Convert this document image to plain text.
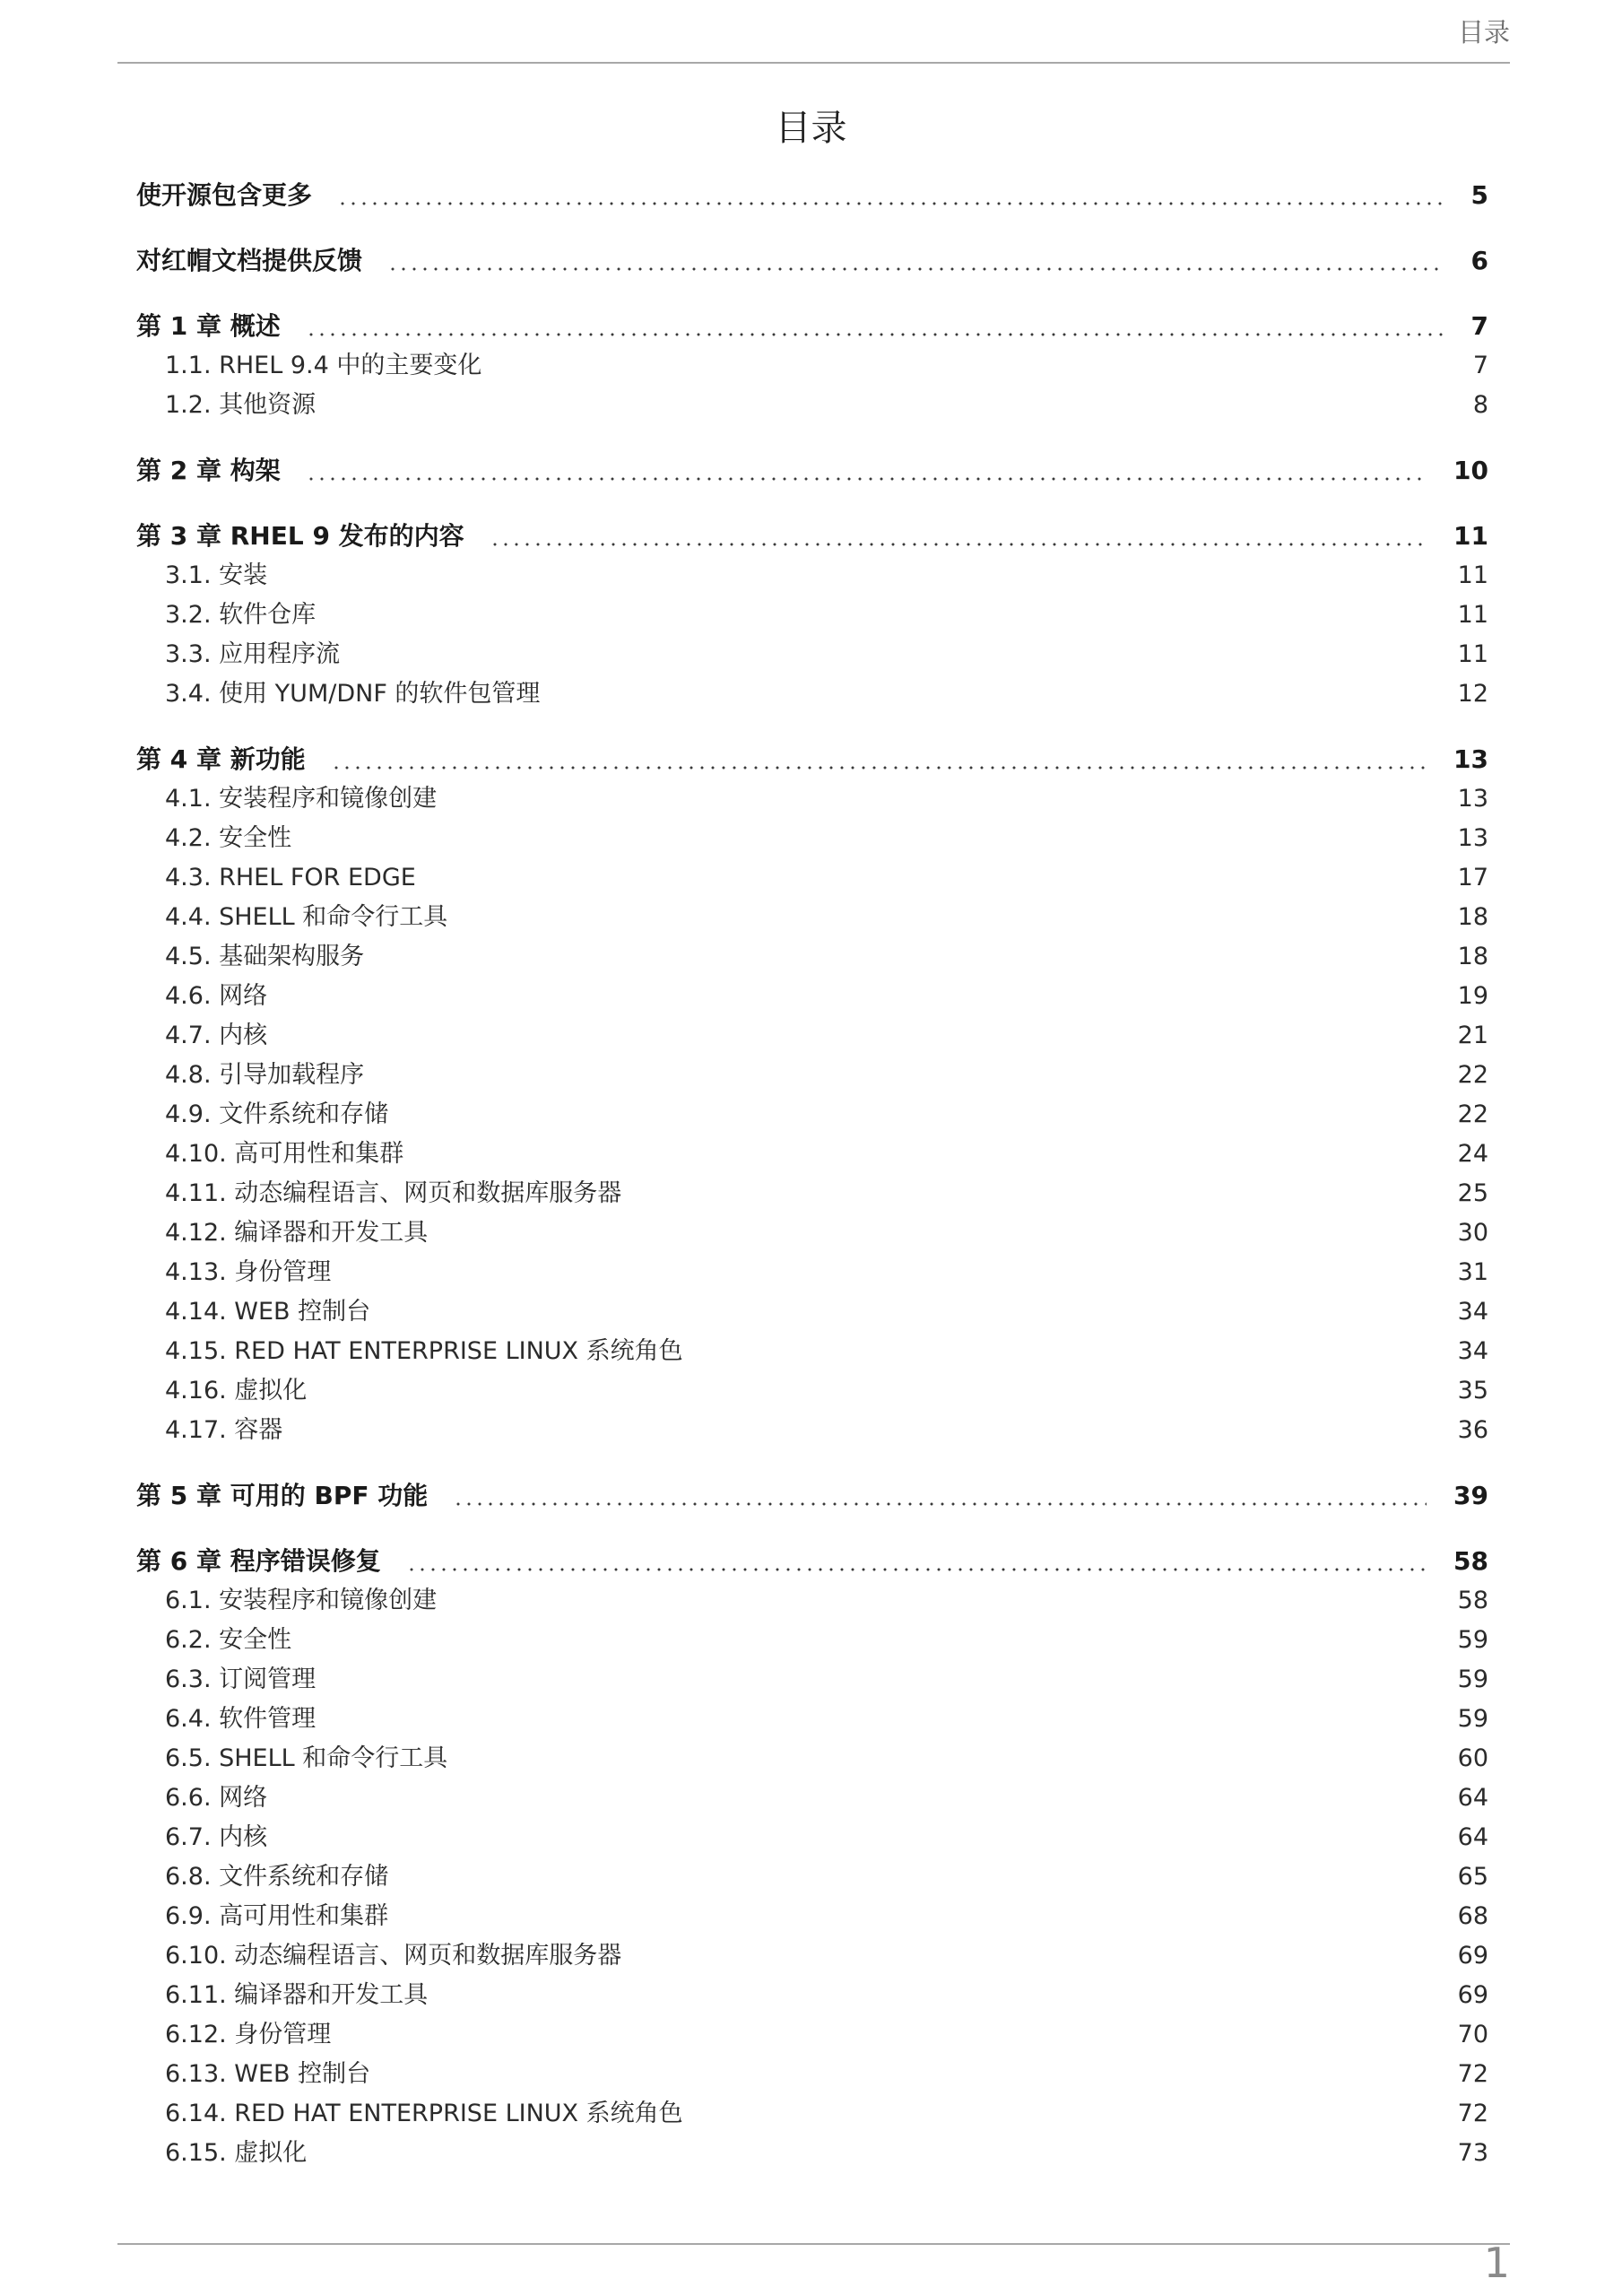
目录
目录
使开源包含更多	5
对红帽文档提供反馈	6
第 1 章 概述	7
1.1. RHEL 9.4 中的主要变化	7
1.2. 其他资源	8
第 2 章 构架	10
第 3 章 RHEL 9 发布的内容	11
3.1. 安装	11
3.2. 软件仓库	11
3.3. 应用程序流	11
3.4. 使用 YUM/DNF 的软件包管理	12
第 4 章 新功能	13
4.1. 安装程序和镜像创建	13
4.2. 安全性	13
4.3. RHEL FOR EDGE	17
4.4. SHELL 和命令行工具	18
4.5. 基础架构服务	18
4.6. 网络	19
4.7. 内核	21
4.8. 引导加载程序	22
4.9. 文件系统和存储	22
4.10. 高可用性和集群	24
4.11. 动态编程语言、网页和数据库服务器	25
4.12. 编译器和开发工具	30
4.13. 身份管理	31
4.14. WEB 控制台	34
4.15. RED HAT ENTERPRISE LINUX 系统角色	34
4.16. 虚拟化	35
4.17. 容器	36
第 5 章 可用的 BPF 功能	39
第 6 章 程序错误修复	58
6.1. 安装程序和镜像创建	58
6.2. 安全性	59
6.3. 订阅管理	59
6.4. 软件管理	59
6.5. SHELL 和命令行工具	60
6.6. 网络	64
6.7. 内核	64
6.8. 文件系统和存储	65
6.9. 高可用性和集群	68
6.10. 动态编程语言、网页和数据库服务器	69
6.11. 编译器和开发工具	69
6.12. 身份管理	70
6.13. WEB 控制台	72
6.14. RED HAT ENTERPRISE LINUX 系统角色	72
6.15. 虚拟化	73
1
